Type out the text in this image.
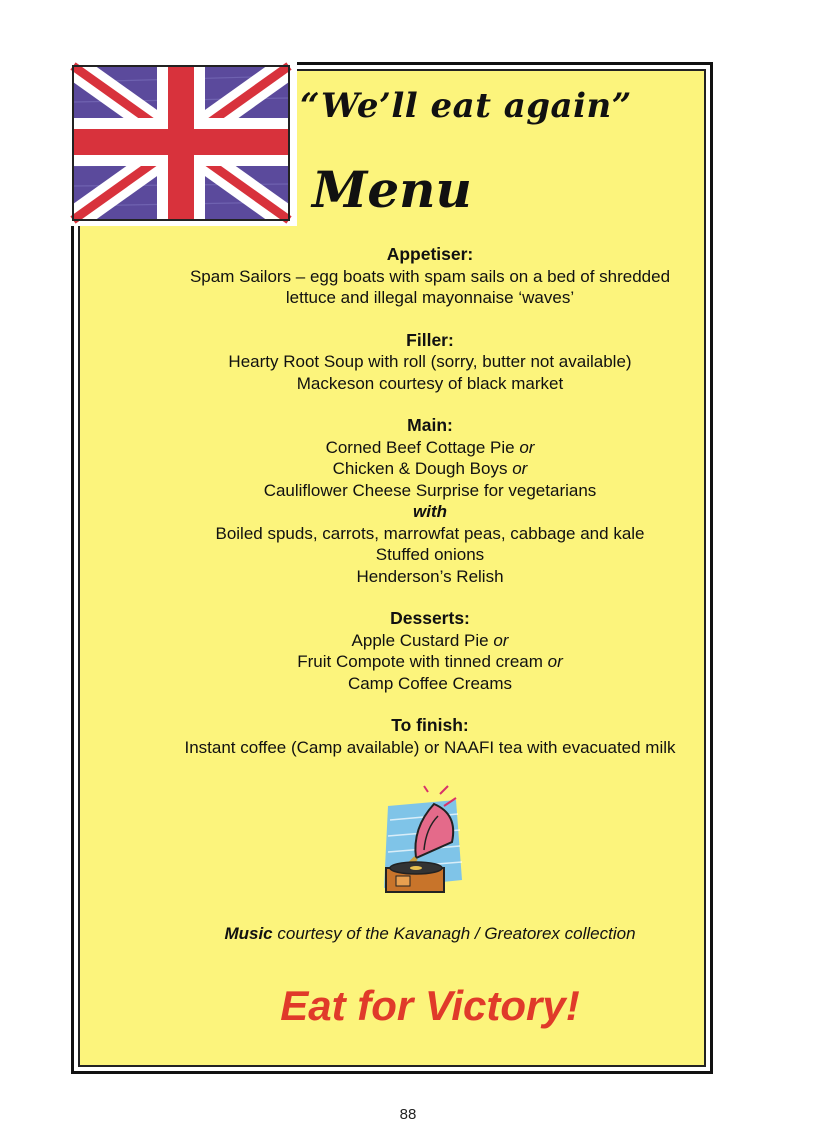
“We’ll eat again”
Menu
Appetiser:
Spam Sailors – egg boats with spam sails on a bed of shredded
lettuce and illegal mayonnaise ‘waves’
Filler:
Hearty Root Soup with roll (sorry, butter not available)
Mackeson courtesy of black market
Main:
Corned Beef Cottage Pie or
Chicken & Dough Boys or
Cauliflower Cheese Surprise for vegetarians
with
Boiled spuds, carrots, marrowfat peas, cabbage and kale
Stuffed onions
Henderson’s Relish
Desserts:
Apple Custard Pie or
Fruit Compote with tinned cream or
Camp Coffee Creams
To finish:
Instant coffee (Camp available) or NAAFI tea with evacuated milk
Music courtesy of the Kavanagh / Greatorex collection
Eat for Victory!
88
